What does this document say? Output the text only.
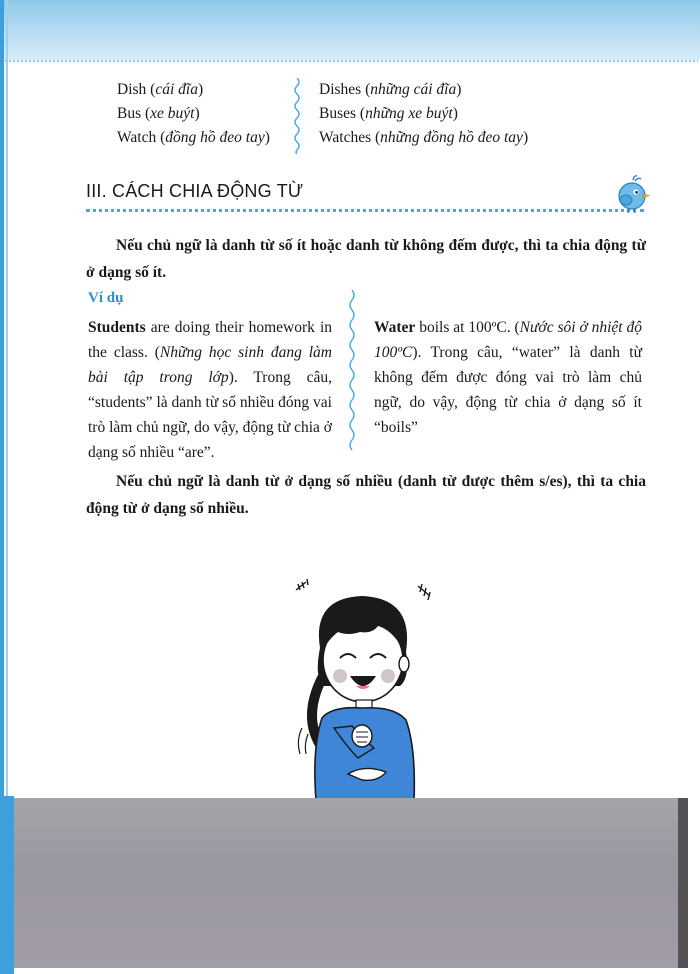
Dish (cái đĩa)
Bus (xe buýt)
Watch (đồng hồ đeo tay)
Dishes (những cái đĩa)
Buses (những xe buýt)
Watches (những đồng hồ đeo tay)
III. CÁCH CHIA ĐỘNG TỪ
Nếu chủ ngữ là danh từ số ít hoặc danh từ không đếm được, thì ta chia động từ ở dạng số ít.
Ví dụ
Students are doing their homework in the class. (Những học sinh đang làm bài tập trong lớp). Trong câu, “students” là danh từ số nhiều đóng vai trò làm chủ ngữ, do vậy, động từ chia ở dạng số nhiều “are”.
Water boils at 100ºC. (Nước sôi ở nhiệt độ 100ºC). Trong câu, “water” là danh từ không đếm được đóng vai trò làm chủ ngữ, do vậy, động từ chia ở dạng số ít “boils”
Nếu chủ ngữ là danh từ ở dạng số nhiều (danh từ được thêm s/es), thì ta chia động từ ở dạng số nhiều.
